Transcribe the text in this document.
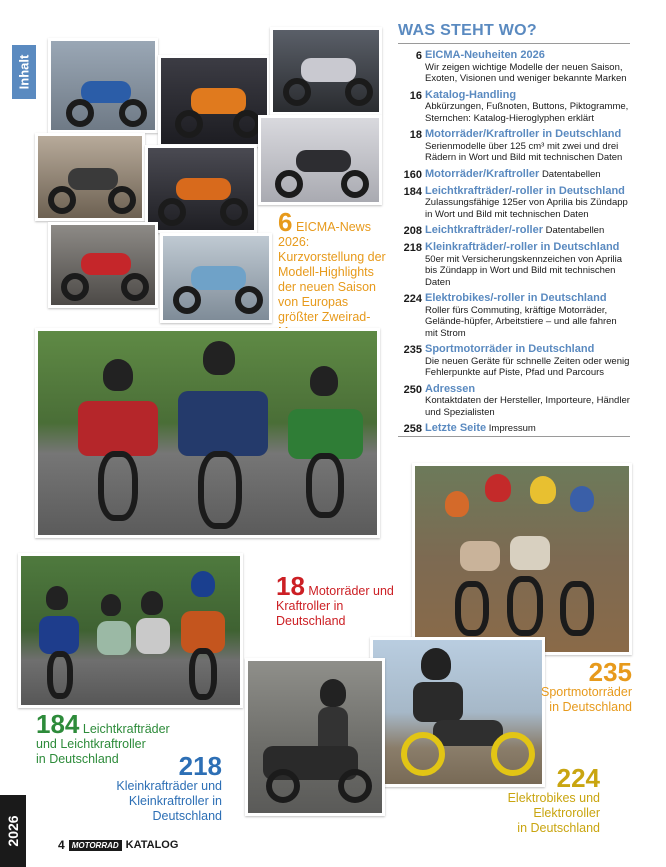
Inhalt
2026
6 EICMA-News 2026: Kurzvorstellung der Modell-Highlights der neuen Saison von Europas größter Zweirad-
WAS STEHT WO?
6 EICMA-Neuheiten 2026
Wir zeigen wichtige Modelle der neuen Saison, Exoten, Visionen und weniger bekannte Marken
16 Katalog-Handling
Abkürzungen, Fußnoten, Buttons, Piktogramme, Sternchen: Katalog-Hieroglyphen erklärt
18 Motorräder/Kraftroller in Deutschland
Serienmodelle über 125 cm³ mit zwei und drei Rädern in Wort und Bild mit technischen Daten
160 Motorräder/Kraftroller Datentabellen
184 Leichtkrafträder/-roller in Deutschland
Zulassungsfähige 125er von Aprilia bis Zündapp in Wort und Bild mit technischen Daten
208 Leichtkrafträder/-roller Datentabellen
218 Kleinkrafträder/-roller in Deutschland
50er mit Versicherungskennzeichen von Aprilia bis Zündapp in Wort und Bild mit technischen Daten
224 Elektrobikes/-roller in Deutschland
Roller fürs Commuting, kräftige Motorräder, Gelände-hüpfer, Arbeitstiere – und alle fahren mit Strom
235 Sportmotorräder in Deutschland
Die neuen Geräte für schnelle Zeiten oder wenig Fehlerpunkte auf Piste, Pfad und Parcours
250 Adressen
Kontaktdaten der Hersteller, Importeure, Händler und Spezialisten
258 Letzte Seite Impressum
18 Motorräder und
Kraftroller in Deutschland
184 Leichtkrafträder
und Leichtkraftroller
in Deutschland	218
Kleinkrafträder und
Kleinkraftroller in Deutschland
235
Sportmotorräder
in Deutschland
224
Elektrobikes und Elektroroller
in Deutschland
4 MOTORRAD KATALOG
